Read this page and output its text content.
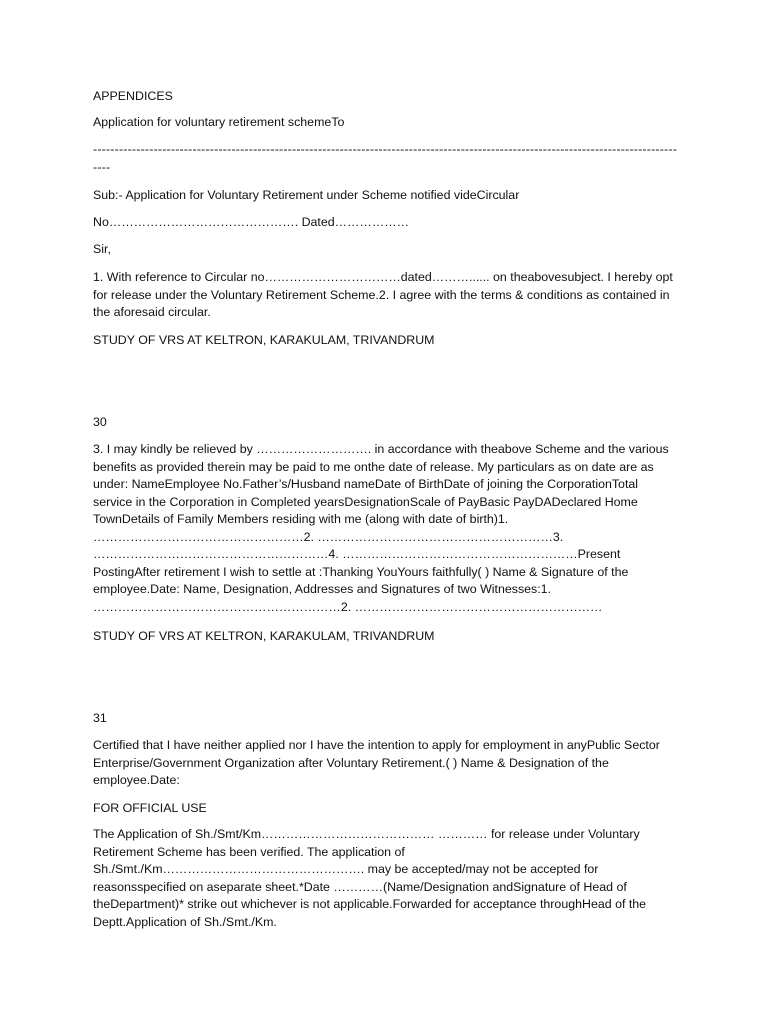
APPENDICES

Application for voluntary retirement schemeTo

-------------------------------------------------------------------------------------------------------------------------------------------

Sub:- Application for Voluntary Retirement under Scheme notified videCircular

No………………………………………. Dated………………

Sir,

1. With reference to Circular no……………………………dated………...... on theabovesubject. I hereby opt for release under the Voluntary Retirement Scheme.2. I agree with the terms & conditions as contained in the aforesaid circular.

STUDY OF VRS AT KELTRON, KARAKULAM, TRIVANDRUM

30

3. I may kindly be relieved by ………………………. in accordance with theabove Scheme and the various benefits as provided therein may be paid to me onthe date of release. My particulars as on date are as under: NameEmployee No.Father’s/Husband nameDate of BirthDate of joining the CorporationTotal service in the Corporation in Completed yearsDesignationScale of PayBasic PayDADeclared Home TownDetails of Family Members residing with me (along with date of birth)1. ……………………………………………2. …………………………………………………3. …………………………………………………4. …………………………………………………Present PostingAfter retirement I wish to settle at :Thanking YouYours faithfully( ) Name & Signature of the employee.Date: Name, Designation, Addresses and Signatures of two Witnesses:1. ……………………………………………………2. ……………………………………………………

STUDY OF VRS AT KELTRON, KARAKULAM, TRIVANDRUM

31

Certified that I have neither applied nor I have the intention to apply for employment in anyPublic Sector Enterprise/Government Organization after Voluntary Retirement.( ) Name & Designation of the employee.Date:

FOR OFFICIAL USE

The Application of Sh./Smt/Km…………………………………… ………… for release under Voluntary Retirement Scheme has been verified. The application of Sh./Smt./Km…………………………………………. may be accepted/may not be accepted for reasonsspecified on aseparate sheet.*Date …………(Name/Designation andSignature of Head of theDepartment)* strike out whichever is not applicable.Forwarded for acceptance throughHead of the Deptt.Application of Sh./Smt./Km.
